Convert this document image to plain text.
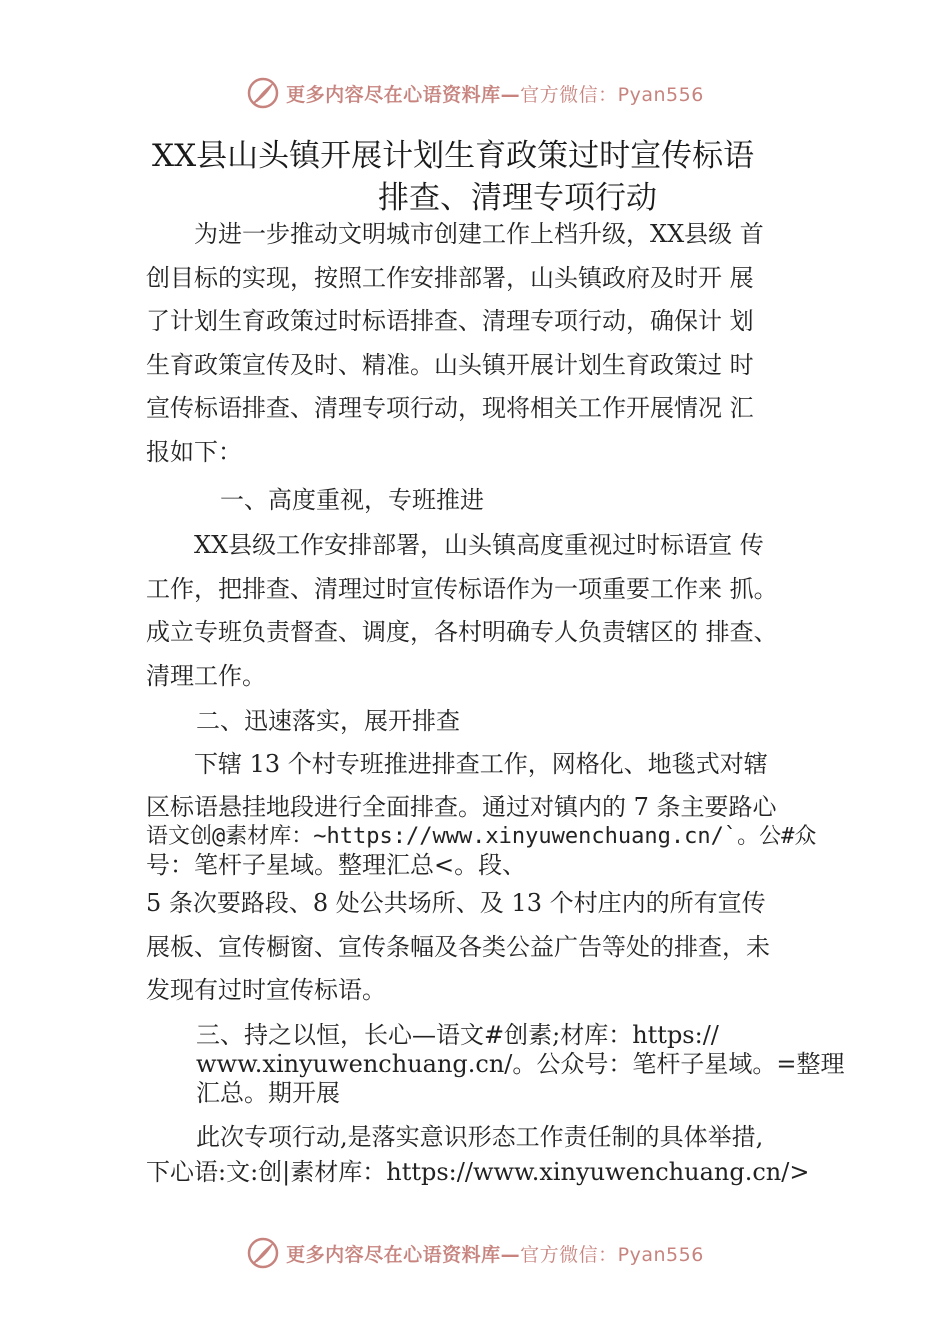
更多内容尽在心语资料库—官方微信：Pyan556
XX县山头镇开展计划生育政策过时宣传标语
排查、清理专项行动
　　为进一步推动文明城市创建工作上档升级，XX县级 首
创目标的实现，按照工作安排部署，山头镇政府及时开 展
了计划生育政策过时标语排查、清理专项行动，确保计 划
生育政策宣传及时、精准。山头镇开展计划生育政策过 时
宣传标语排查、清理专项行动，现将相关工作开展情况 汇
报如下：
一、高度重视，专班推进
　　XX县级工作安排部署，山头镇高度重视过时标语宣 传
工作，把排查、清理过时宣传标语作为一项重要工作来 抓。
成立专班负责督查、调度，各村明确专人负责辖区的 排查、
清理工作。
二、迅速落实，展开排查
　　下辖 13 个村专班推进排查工作，网格化、地毯式对辖
区标语悬挂地段进行全面排查。通过对镇内的 7 条主要路心
语文创@素材库：~https://www.xinyuwenchuang.cn/`。公#众
号：笔杆子星域。整理汇总<。段、
5 条次要路段、8 处公共场所、及 13 个村庄内的所有宣传
展板、宣传橱窗、宣传条幅及各类公益广告等处的排查，未
发现有过时宣传标语。
三、持之以恒，长心—语文#创素;材库：https://
www.xinyuwenchuang.cn/。公众号：笔杆子星域。=整理
汇总。期开展
此次专项行动,是落实意识形态工作责任制的具体举措,
下心语:文:创|素材库：https://www.xinyuwenchuang.cn/>
更多内容尽在心语资料库—官方微信：Pyan556
